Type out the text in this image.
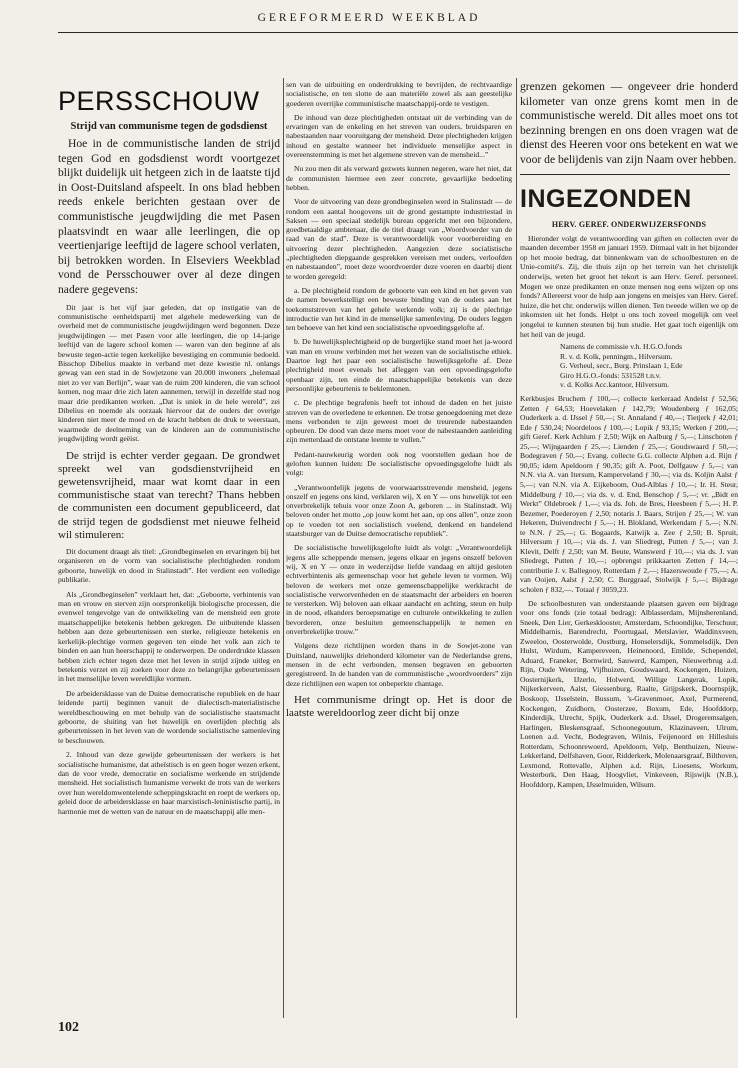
GEREFORMEERD WEEKBLAD
PERSSCHOUW
Strijd van communisme tegen de godsdienst

Hoe in de communistische landen de strijd tegen God en godsdienst wordt voortgezet blijkt duidelijk uit hetgeen zich in de laatste tijd in Oost-Duitsland afspeelt. In ons blad hebben reeds enkele berichten gestaan over de communistische jeugdwijding die met Pasen plaatsvindt en waar alle leerlingen, die op veertienjarige leeftijd de lagere school verlaten, bij betrokken worden. In Elseviers Weekblad vond de Persschouwer over al deze dingen nadere gegevens:

Dit jaar is het vijf jaar geleden, dat op instigatie van de communistische eenheidspartij met algehele medewerking van de overheid met de communistische jeugdwijdingen werd begonnen. Deze jeugdwijdingen — met Pasen voor alle leerlingen, die op 14-jarige leeftijd van de lagere school komen — waren van den beginne af als bewuste tegen-actie tegen kerkelijke bevestiging en communie bedoeld. Bisschop Dibelius maakte in verband met deze kwestie nl. onlangs gewag van een stad in de Sowjetzone van 20.000 inwoners „helemaal niet zo ver van Berlijn”, waar van de ruim 200 kinderen, die van school komen, nog maar drie zich laten aannemen, terwijl in dezelfde stad nog maar drie predikanten werken. „Dat is uniek in de hele wereld”, zei Dibelius en noemde als oorzaak hiervoor dat de ouders der overige kinderen niet meer de moed en de kracht hebben de druk te weerstaan, waarmede de deelneming van de kinderen aan de communistische jeugdwijding wordt geëist.

De strijd is echter verder gegaan. De grondwet spreekt wel van godsdienstvrijheid en gewetensvrijheid, maar wat komt daar in een communistische staat van terecht? Thans hebben de communisten een document gepubliceerd, dat de strijd tegen de godsdienst met nieuwe felheid wil stimuleren:

Dit document draagt als titel: „Grondbeginselen en ervaringen bij het organiseren en de vorm van socialistische plechtigheden rondom geboorte, huwelijk en dood in Stalinstadt”. Het verdient een volledige publikatie.

Als „Grondbeginselen” verklaart het, dat: „Geboorte, verbintenis van man en vrouw en sterven zijn oorspronkelijk biologische processen, die evenwel tengevolge van de ontwikkeling van de mensheid een grote maatschappelijke betekenis hebben gekregen. De uitbuitende klassen hebben aan deze gebeurtenissen een sterke, religieuze betekenis en kerkelijk-plechtige vormen gegeven ten einde het volk aan zich te binden en aan hun heerschappij te onderwerpen. De onderdrukte klassen hebben zich echter tegen deze met het leven in strijd zijnde uitleg en betekenis verzet en zij zoeken voor deze zo belangrijke gebeurtenissen in het menselijke leven wereldlijke vormen.

De arbeidersklasse van de Duitse democratische republiek en de haar leidende partij beginnen vanuit de dialectisch-materialistische wereldbeschouwing en met behulp van de socialistische staatsmacht geboorte, de sluiting van het huwelijk en overlijden plechtig als gebeurtenissen in het leven van de wordende socialistische samenleving te beschouwen.

2. Inhoud van deze gewijde gebeurtenissen der werkers is het socialistische humanisme, dat atheïstisch is en geen hoger wezen erkent, dan de voor vrede, democratie en socialisme werkende en strijdende mensheid. Het socialistisch humanisme verwekt de trots van de werkers over hun wereldomwentelende scheppingskracht en roept de werkers op, geleid door de arbeidersklasse en haar marxistisch-leninistische partij, in harmonie met de wetten van de natuur en de maatschappij alle men-

sen van de uitbuiting en onderdrukking te bevrijden, de rechtvaardige socialistische, en ten slotte de aan materiële zowel als aan geestelijke goederen overrijke communistische maatschappij-orde te vestigen.

De inhoud van deze plechtigheden ontstaat uit de verbinding van de ervaringen van de enkeling en het streven van ouders, bruidsparen en nabestaanden naar vooruitgang der mensheid. Deze plechtigheden krijgen inhoud en gestalte wanneer het individuele menselijke aspect in overeenstemming is met het algemene streven van de mensheid...”

Nu zou men dit als verward gezwets kunnen negeren, ware het niet, dat de communisten hiermee een zeer concrete, gevaarlijke bedoeling hebben.

Voor de uitvoering van deze grondbeginselen werd in Stalinstadt — de rondom een aantal hoogovens uit de grond gestampte industriestad in Saksen — een speciaal stedelijk bureau opgericht met een bijzondere, goedbetaaldige ambtenaar, die de titel draagt van „Woordvoerder van de raad van de stad”. Deze is verantwoordelijk voor voorbereiding en uitvoering dezer plechtigheden. Aangezien deze socialistische „plechtigheden diepgaande gesprekken vereisen met ouders, verloofden en nabestaanden”, moet deze woordvoerder deze voeren en daarbij dient te worden geregeld:

a. De plechtigheid rondom de geboorte van een kind en het geven van de namen bewerkstelligt een bewuste binding van de ouders aan het toekomststreven van het gehele werkende volk; zij is de plechtige introductie van het kind in de menselijke samenleving. De ouders leggen ten behoeve van het kind een socialistische opvoedingsgelofte af.

b. De huwelijksplechtigheid op de burgerlijke stand moet het ja-woord van man en vrouw verbinden met het wezen van de socialistische ethiek. Daartoe legt het paar een socialistische huwelijksgelofte af. Deze plechtigheid moet evenals het afleggen van een opvoedingsgelofte openbaar zijn, ten einde de maatschappelijke betekenis van deze persoonlijke gebeurtenis te beklemtonen.

c. De plechtige begrafenis heeft tot inhoud de daden en het juiste streven van de overledene te erkennen. De trotse genoegdoening met deze mens verbonden te zijn geweest moet de treurende nabestaanden opbeuren. De dood van deze mens moet voor de nabestaanden aanleiding zijn metterdaad de ontstane leemte te vullen.”

Pedant-nauwkeurig worden ook nog voorstellen gedaan hoe de geloften kunnen luiden: De socialistische opvoedingsgelofte luidt als volgt:

„Verantwoordelijk jegens de voorwaartsstrevende mensheid, jegens onszelf en jegens ons kind, verklaren wij, X en Y — ons huwelijk tot een onverbrekelijk tehuis voor onze Zoon A, geboren ... in Stalinstadt. Wij beloven onder het motto „op jouw komt het aan, op ons allen”, onze zoon op te voeden tot een socialistisch voelend, denkend en handelend staatsburger van de Duitse democratische republiek”.

De socialistische huwelijksgelofte luidt als volgt: „Verantwoordelijk jegens alle scheppende mensen, jegens elkaar en jegens onszelf beloven wij, X en Y — onze in wederzijdse liefde vandaag en altijd gesloten echtverbintenis als gemeenschap voor het gehele leven te vormen. Wij beloven de werkers met onze gemeenschappelijke werkkracht de socialistische verworvenheden en de staatsmacht der arbeiders en boeren te versterken. Wij beloven aan elkaar aandacht en achting, steun en hulp in de nood, elkanders beroepsmatige en culturele ontwikkeling te zullen bevorderen, onze besluiten gemeenschappelijk te nemen en onverbrekelijke trouw.”

Volgens deze richtlijnen worden thans in de Sowjet-zone van Duitsland, nauwelijks driehonderd kilometer van de Nederlandse grens, mensen in de echt verbonden, mensen begraven en geboorten geregistreerd. In de handen van de communistische „woordvoerders” zijn deze richtlijnen een wapen tot onbeperkte chantage.

Het communisme dringt op. Het is door de laatste wereldoorlog zeer dicht bij onze

grenzen gekomen — ongeveer drie honderd kilometer van onze grens komt men in de communistische wereld. Dit alles moet ons tot bezinning brengen en ons doen vragen wat de dienst des Heeren voor ons betekent en wat we voor de belijdenis van zijn Naam over hebben.

INGEZONDEN
HERV. GEREF. ONDERWIJZERSFONDS

Hieronder volgt de verantwoording van giften en collecten over de maanden december 1958 en januari 1959. Ditmaal valt in het bijzonder op het mooie bedrag, dat binnenkwam van de schoolbesturen en de Unie-comité's. Zij, die thuis zijn op het terrein van het christelijk onderwijs, weten het groot het tekort is aan Herv. Geref. personeel. Mogen we onze predikanten en onze mensen nog eens wijzen op ons fonds? Allereerst voor de hulp aan jongens en meisjes van Herv. Geref. huize, die het chr. onderwijs willen dienen. Ten tweede willen we op de inkomsten uit het fonds. Helpt u ons toch zoveel mogelijk om veel jongelui te kunnen steunen bij hun studie. Het gaat toch eigenlijk om het heil van de jeugd.

Namens de commissie v.h. H.G.O.fonds
R. v. d. Kolk, penningm., Hilversum.
G. Verheul, secr., Burg. Prinslaan 1, Ede
Giro H.G.O.-fonds: 531528 t.n.v.
v. d. Kolks Acc.kantoor, Hilversum.

Kerkbusjes Bruchem ƒ 100,—; collecte kerkeraad Andelst ƒ 52,56; Zetten ƒ 64,53; Hoevelaken ƒ 142,79; Woudenberg ƒ 162,05; Ouderkerk a. d. IJssel ƒ 50,—; St. Annaland ƒ 40,—; Tietjerk ƒ 42,01; Ede ƒ 530,24; Noordeloos ƒ 100,—; Lopik ƒ 93,15; Werken ƒ 200,—; gift Geref. Kerk Achlum ƒ 2,50; Wijk en Aalburg ƒ 5,—; Linschoten ƒ 25,—; Wijngaarden ƒ 25,—; Lienden ƒ 25,—; Goudswaard ƒ 50,—; Bodegraven ƒ 50,—; Evang. collecte G.G. collecte Alphen a.d. Rijn ƒ 90,05; idem Apeldoorn ƒ 90,35; gift A. Poot, Delfgauw ƒ 5,—; van N.N. via A. van Itersum, Kamperveland ƒ 30,—; via ds. Koljin Aalst ƒ 5,—; van N.N. via A. Eijkeboom, Oud-Alblas ƒ 10,—; Ir. H. Steur, Middelburg ƒ 10,—; via ds. v. d. End, Benschop ƒ 5,—; vr. „Bidt en Werkt” Oldebroek ƒ 1,—; via ds. Joh. de Bres, Heesbeen ƒ 5,—; H. P. Bezemer, Poederoyen ƒ 2,50; notaris J. Baars, Strijen ƒ 25,—; W. van Hekeren, Duivendrecht ƒ 5,—; H. Blokland, Werkendam ƒ 5,—; N.N. te N.N. ƒ 25,—; G. Bogaards, Katwijk a. Zee ƒ 2,50; B. Spruit, Hilversum ƒ 10,—; via ds. J. van Sliedregt, Putten ƒ 5,—; van J. Klevit, Delft ƒ 2,50; van M. Beute, Wanswerd ƒ 10,—; via ds. J. van Sliedregt, Putten ƒ 10,—; opbrengst prikkaarten Zetten ƒ 14,—; contributie J. v. Ballegooy, Rotterdam ƒ 2,—; Hazerswoude ƒ 75,—; A. van Ooijen, Aalst ƒ 2,50; C. Burggraaf, Stolwijk ƒ 5,—; Bijdrage scholen ƒ 832,—. Totaal ƒ 3059,23.

De schoolbesturen van onderstaande plaatsen gaven een bijdrage voor ons fonds (zie totaal bedrag): Alblasserdam, Mijnsherenland, Sneek, Den Lier, Gerkesklooster, Amsterdam, Schoondijke, Terschuur, Middelharnis, Barendrecht, Poortugaal, Metslavier, Waddinxveen, Zweeloo, Oosterwolde, Oostburg, Honselersdijk, Sommelsdijk, Den Hulst, Wirdum, Kampereveen, Heinenoord, Emlide, Schependel, Aduard, Franeker, Bornwird, Sauwerd, Kampen, Nieuwerbrug a.d. Rijn, Oude Wetering, Vijfhuizen, Goudswaard, Kockengen, Huizen, Oosternijkerk, IJzerlo, Holwerd, Willige Langerak, Lopik, Nijkerkerveen, Aalst, Giessenburg, Raalte, Grijpskerk, Doornspijk, Boskoop, IJsselstein, Bussum, 's-Gravenmoer, Axel, Purmerend, Kockengen, Zuidhorn, Oosterzee, Boxum, Ede, Hoofddorp, Kinderdijk, Utrecht, Spijk, Ouderkerk a.d. IJssel, Drogeremsalgen, Harlingen, Bleskensgraaf, Schoonegoutum, Klazinaveen, Ulrum, Loenen a.d. Vecht, Bodegraven, Wilnis, Feijenoord en Hillesluis Rotterdam, Schoonrewoerd, Apeldoorn, Velp, Benthuizen, Nieuw-Lekkerland, Delfshaven, Goor, Ridderkerk, Molenaarsgraaf, Bilthoven, Lexmond, Rottevalle, Alphen a.d. Rijn, Lioesens, Workum, Westerbork, Den Haag, Hoogvliet, Vinkeveen, Rijswijk (N.B.), Hoofddorp, Kampen, IJsselmuiden, Wilsum.

102
